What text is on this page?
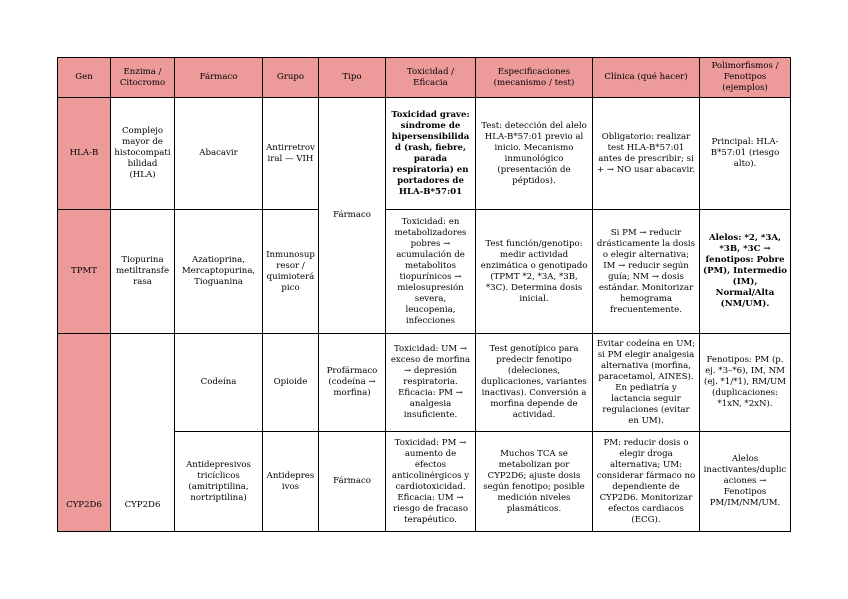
Gen	Enzima / Citocromo	Fármaco	Grupo	Tipo	Toxicidad / Eficacia	Especificaciones (mecanismo / test)	Clínica (qué hacer)	Polimorfismos / Fenotipos (ejemplos)
HLA-B	Complejo mayor de histocompatibilidad (HLA)	Abacavir	Antirretroviral — VIH	Fármaco	Toxicidad grave: síndrome de hipersensibilidad (rash, fiebre, parada respiratoria) en portadores de HLA-B*57:01	Test: detección del alelo HLA-B*57:01 previo al inicio. Mecanismo inmunológico (presentación de péptidos).	Obligatorio: realizar test HLA-B*57:01 antes de prescribir; si + → NO usar abacavir.	Principal: HLA-B*57:01 (riesgo alto).
TPMT	Tiopurina metiltransferasa	Azatioprina, Mercaptopurina, Tioguanina	Inmunosupresor / quimioterápico		Toxicidad: en metabolizadores pobres → acumulación de metabolitos tiopurínicos → mielosupresión severa, leucopenia, infecciones	Test función/genotipo: medir actividad enzimática o genotipado (TPMT *2, *3A, *3B, *3C). Determina dosis inicial.	Si PM → reducir drásticamente la dosis o elegir alternativa; IM → reducir según guía; NM → dosis estándar. Monitorizar hemograma frecuentemente.	Alelos: *2, *3A, *3B, *3C → fenotipos: Pobre (PM), Intermedio (IM), Normal/Alta (NM/UM).
CYP2D6	CYP2D6	Codeína	Opioide	Profármaco (codeína → morfina)	Toxicidad: UM → exceso de morfina → depresión respiratoria. Eficacia: PM → analgesia insuficiente.	Test genotípico para predecir fenotipo (deleciones, duplicaciones, variantes inactivas). Conversión a morfina depende de actividad.	Evitar codeína en UM; si PM elegir analgesia alternativa (morfina, paracetamol, AINES). En pediatría y lactancia seguir regulaciones (evitar en UM).	Fenotipos: PM (p. ej. *3–*6), IM, NM (ej. *1/*1), RM/UM (duplicaciones: *1xN, *2xN).
		Antidepresivos tricíclicos (amitriptilina, nortriptilina)	Antidepresivos	Fármaco	Toxicidad: PM → aumento de efectos anticolinérgicos y cardiotoxicidad. Eficacia: UM → riesgo de fracaso terapéutico.	Muchos TCA se metabolizan por CYP2D6; ajuste dosis según fenotipo; posible medición niveles plasmáticos.	PM: reducir dosis o elegir droga alternativa; UM: considerar fármaco no dependiente de CYP2D6. Monitorizar efectos cardiacos (ECG).	Alelos inactivantes/duplicaciones → Fenotipos PM/IM/NM/UM.
